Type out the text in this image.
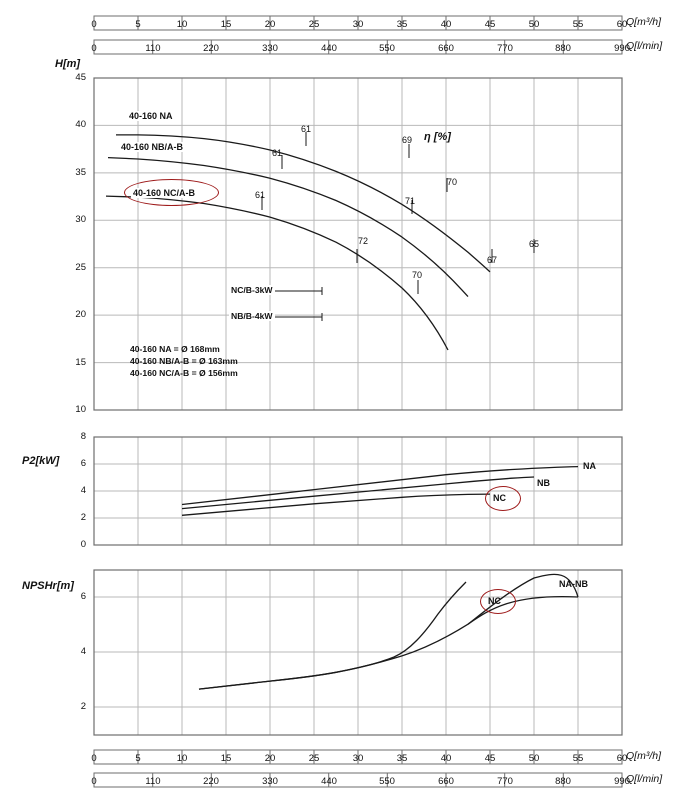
Q[m³/h]
Q[l/min]
Q[m³/h]
Q[l/min]
H[m]
P2[kW]
NPSHr[m]
η [%]
0	5	10	15	20	25	30	35	40	45	50	55	60
0	110	220	330	440	550	660	770	880	990
45
40
35
30
25
20
15
10
8
6
4
2
0
6
4
2
0	5	10	15	20	25	30	35	40	45	50	55	60
0	110	220	330	440	550	660	770	880	990
40-160 NA
40-160 NB/A-B
40-160 NC/A-B
61
61
61
69
70
71
72
70
67
65
NC/B-3kW
NB/B-4kW
40-160 NA = Ø 168mm
40-160 NB/A-B = Ø 163mm
40-160 NC/A-B = Ø 156mm
NA
NB
NC
NA-NB
NC
